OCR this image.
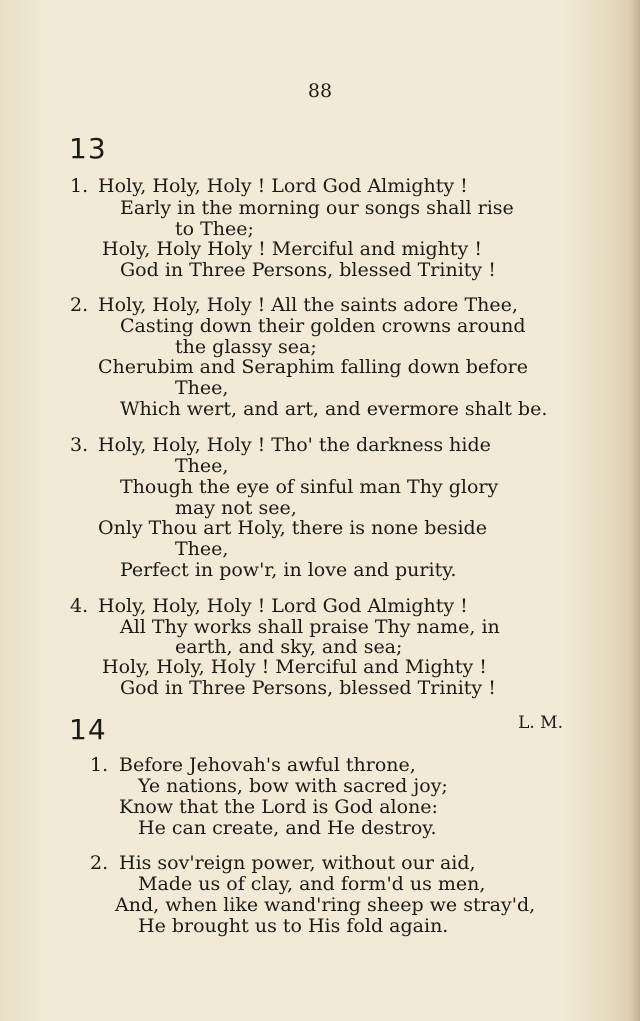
88
13
1. Holy, Holy, Holy ! Lord God Almighty !
Early in the morning our songs shall rise
to Thee;
Holy, Holy Holy ! Merciful and mighty !
God in Three Persons, blessed Trinity !
2. Holy, Holy, Holy ! All the saints adore Thee,
Casting down their golden crowns around
the glassy sea;
Cherubim and Seraphim falling down before
Thee,
Which wert, and art, and evermore shalt be.
3. Holy, Holy, Holy ! Tho' the darkness hide
Thee,
Though the eye of sinful man Thy glory
may not see,
Only Thou art Holy, there is none beside
Thee,
Perfect in pow'r, in love and purity.
4. Holy, Holy, Holy ! Lord God Almighty !
All Thy works shall praise Thy name, in
earth, and sky, and sea;
Holy, Holy, Holy ! Merciful and Mighty !
God in Three Persons, blessed Trinity !
14	L. M.
1. Before Jehovah's awful throne,
Ye nations, bow with sacred joy;
Know that the Lord is God alone:
He can create, and He destroy.
2. His sov'reign power, without our aid,
Made us of clay, and form'd us men,
And, when like wand'ring sheep we stray'd,
He brought us to His fold again.
